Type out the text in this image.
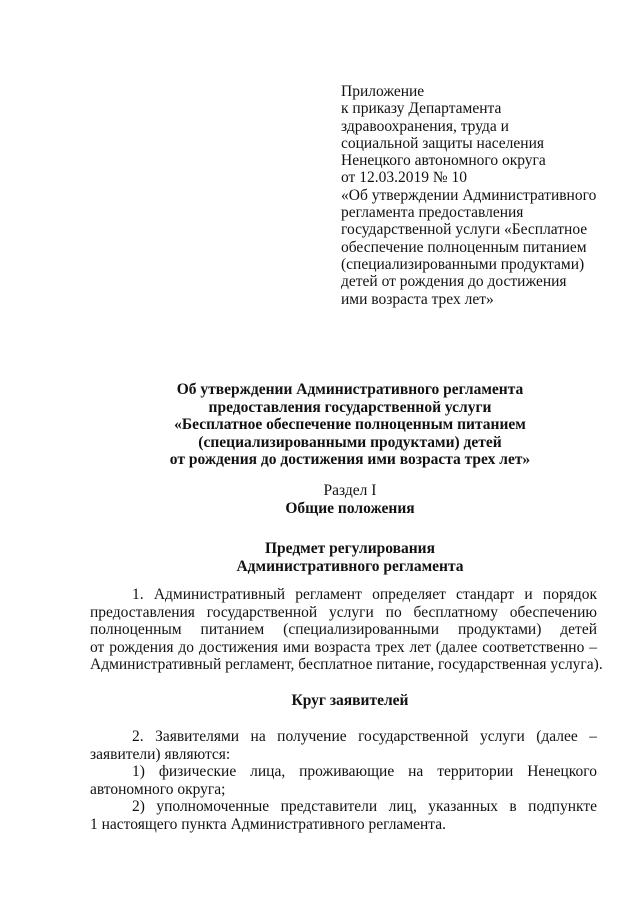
Приложение
к приказу Департамента
здравоохранения, труда и
социальной защиты населения
Ненецкого автономного округа
от 12.03.2019 № 10
«Об утверждении Административного
регламента предоставления
государственной услуги «Бесплатное
обеспечение полноценным питанием
(специализированными продуктами)
детей от рождения до достижения
ими возраста трех лет»
Об утверждении Административного регламента
предоставления государственной услуги
«Бесплатное обеспечение полноценным питанием
(специализированными продуктами) детей
от рождения до достижения ими возраста трех лет»
Раздел I
Общие положения
Предмет регулирования
Административного регламента
1. Административный регламент определяет стандарт и порядок
предоставления государственной услуги по бесплатному обеспечению
полноценным питанием (специализированными продуктами) детей
от рождения до достижения ими возраста трех лет (далее соответственно –
Административный регламент, бесплатное питание, государственная услуга).
Круг заявителей
2. Заявителями на получение государственной услуги (далее –
заявители) являются:
1) физические лица, проживающие на территории Ненецкого
автономного округа;
2) уполномоченные представители лиц, указанных в подпункте
1 настоящего пункта Административного регламента.
